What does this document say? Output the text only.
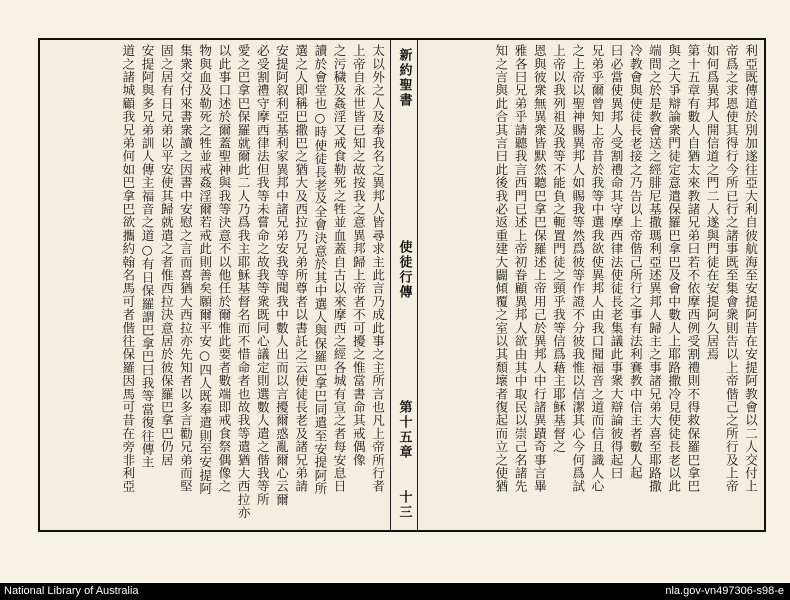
太以外之人及奉我名之異邦人皆尋求主此言乃成此事之主所言也凡上帝所行者
上帝自永世皆已知之故按我之意異邦歸上帝者不可擾之惟當書命其戒偶像
之污穢及姦淫又戒食勒死之牲並血蓋自古以來摩西之經各城有宣之者每安息日
讀於會堂也○時使徒長老及全會決意於其中選人與保羅巴拿巴同遣至安提阿所
選之人即稱巴撒巴之猶大及西拉乃兄弟所尊者以書託之云使徒長老及諸兄弟請
安提阿叙利亞基利家異邦中諸兄弟安我等聞我中數人出而以言擾爾惑亂爾心云爾
必受割禮守摩西律法但我等未嘗命之故我等衆既同心議定則選數人遣之偕我等所
愛之巴拿巴保羅就爾此二人乃爲我主耶穌基督名而不惜命者也故我等遣猶大西拉亦
以此事口述於爾蓋聖神與我等決意不以他任於爾惟此要者數端即戒食祭偶像之
物與血及勒死之牲並戒姦淫爾若戒此則善矣願爾平安○四人既奉遣則至安提阿
集衆交付來書衆讀之因書中安慰之言而喜猶大西拉亦先知者以多言勸兄弟而堅
固之居有日兄弟以平安使其歸就遣之者惟西拉決意居於彼保羅巴拿巴仍居
安提阿與多兄弟訓人傳主福音之道○有日保羅謂巴拿巴曰我等當復往傳主
道之諸城顧我兄弟何如巴拿巴欲攜約翰名馬可者偕往保羅因馬可昔在旁非利亞	新約聖書
使徒行傳
第十五章
十三
利亞既傳道於別加遂往亞大利自彼航海至安提阿昔在安提阿教會以二人交付上
帝爲之求恩使其得行今所已行之諸事既至集會衆則告以上帝偕己之所行及上帝
如何爲異邦人開信道之門二人遂與門徒在安提阿久居焉
第十五章有數人自猶太來教諸兄弟曰若不依摩西例受割禮則不得救保羅巴拿巴
與之大爭辯論衆門徒定意遣保羅巴拿巴及會中數人上耶路撒冷見使徒長老以此
端問之於是教會送之經腓尼基撒瑪利亞述異邦人歸主之事諸兄弟大喜至耶路撒
冷教會與使徒長老接之乃告以上帝偕己所行之事有法利賽教中信主者數人起
曰必當使異邦人受割禮命其守摩西律法使徒長老集議此事衆大辯論彼得起曰
兄弟乎爾曾知上帝昔於我等中選我欲使異邦人由我口聞福音之道而信且識人心
之上帝以聖神賜異邦人如賜我等然爲彼等作證不分彼我惟以信潔其心今何爲試
上帝以我列祖及我等不能負之軛置門徒之頸乎我等信爲藉主耶穌基督之
恩與彼衆無異衆皆默然聽巴拿巴保羅述上帝用己於異邦人中行諸異蹟奇事言畢
雅各曰兄弟乎請聽我言西門已述上帝初眷顧異邦人欲由其中取民以崇己名諸先
知之言與此合其言曰此後我必返重建大闢傾覆之室以其頹壞者復起而立之使猶
National Library of Australia	nla.gov-vn497306-s98-e
